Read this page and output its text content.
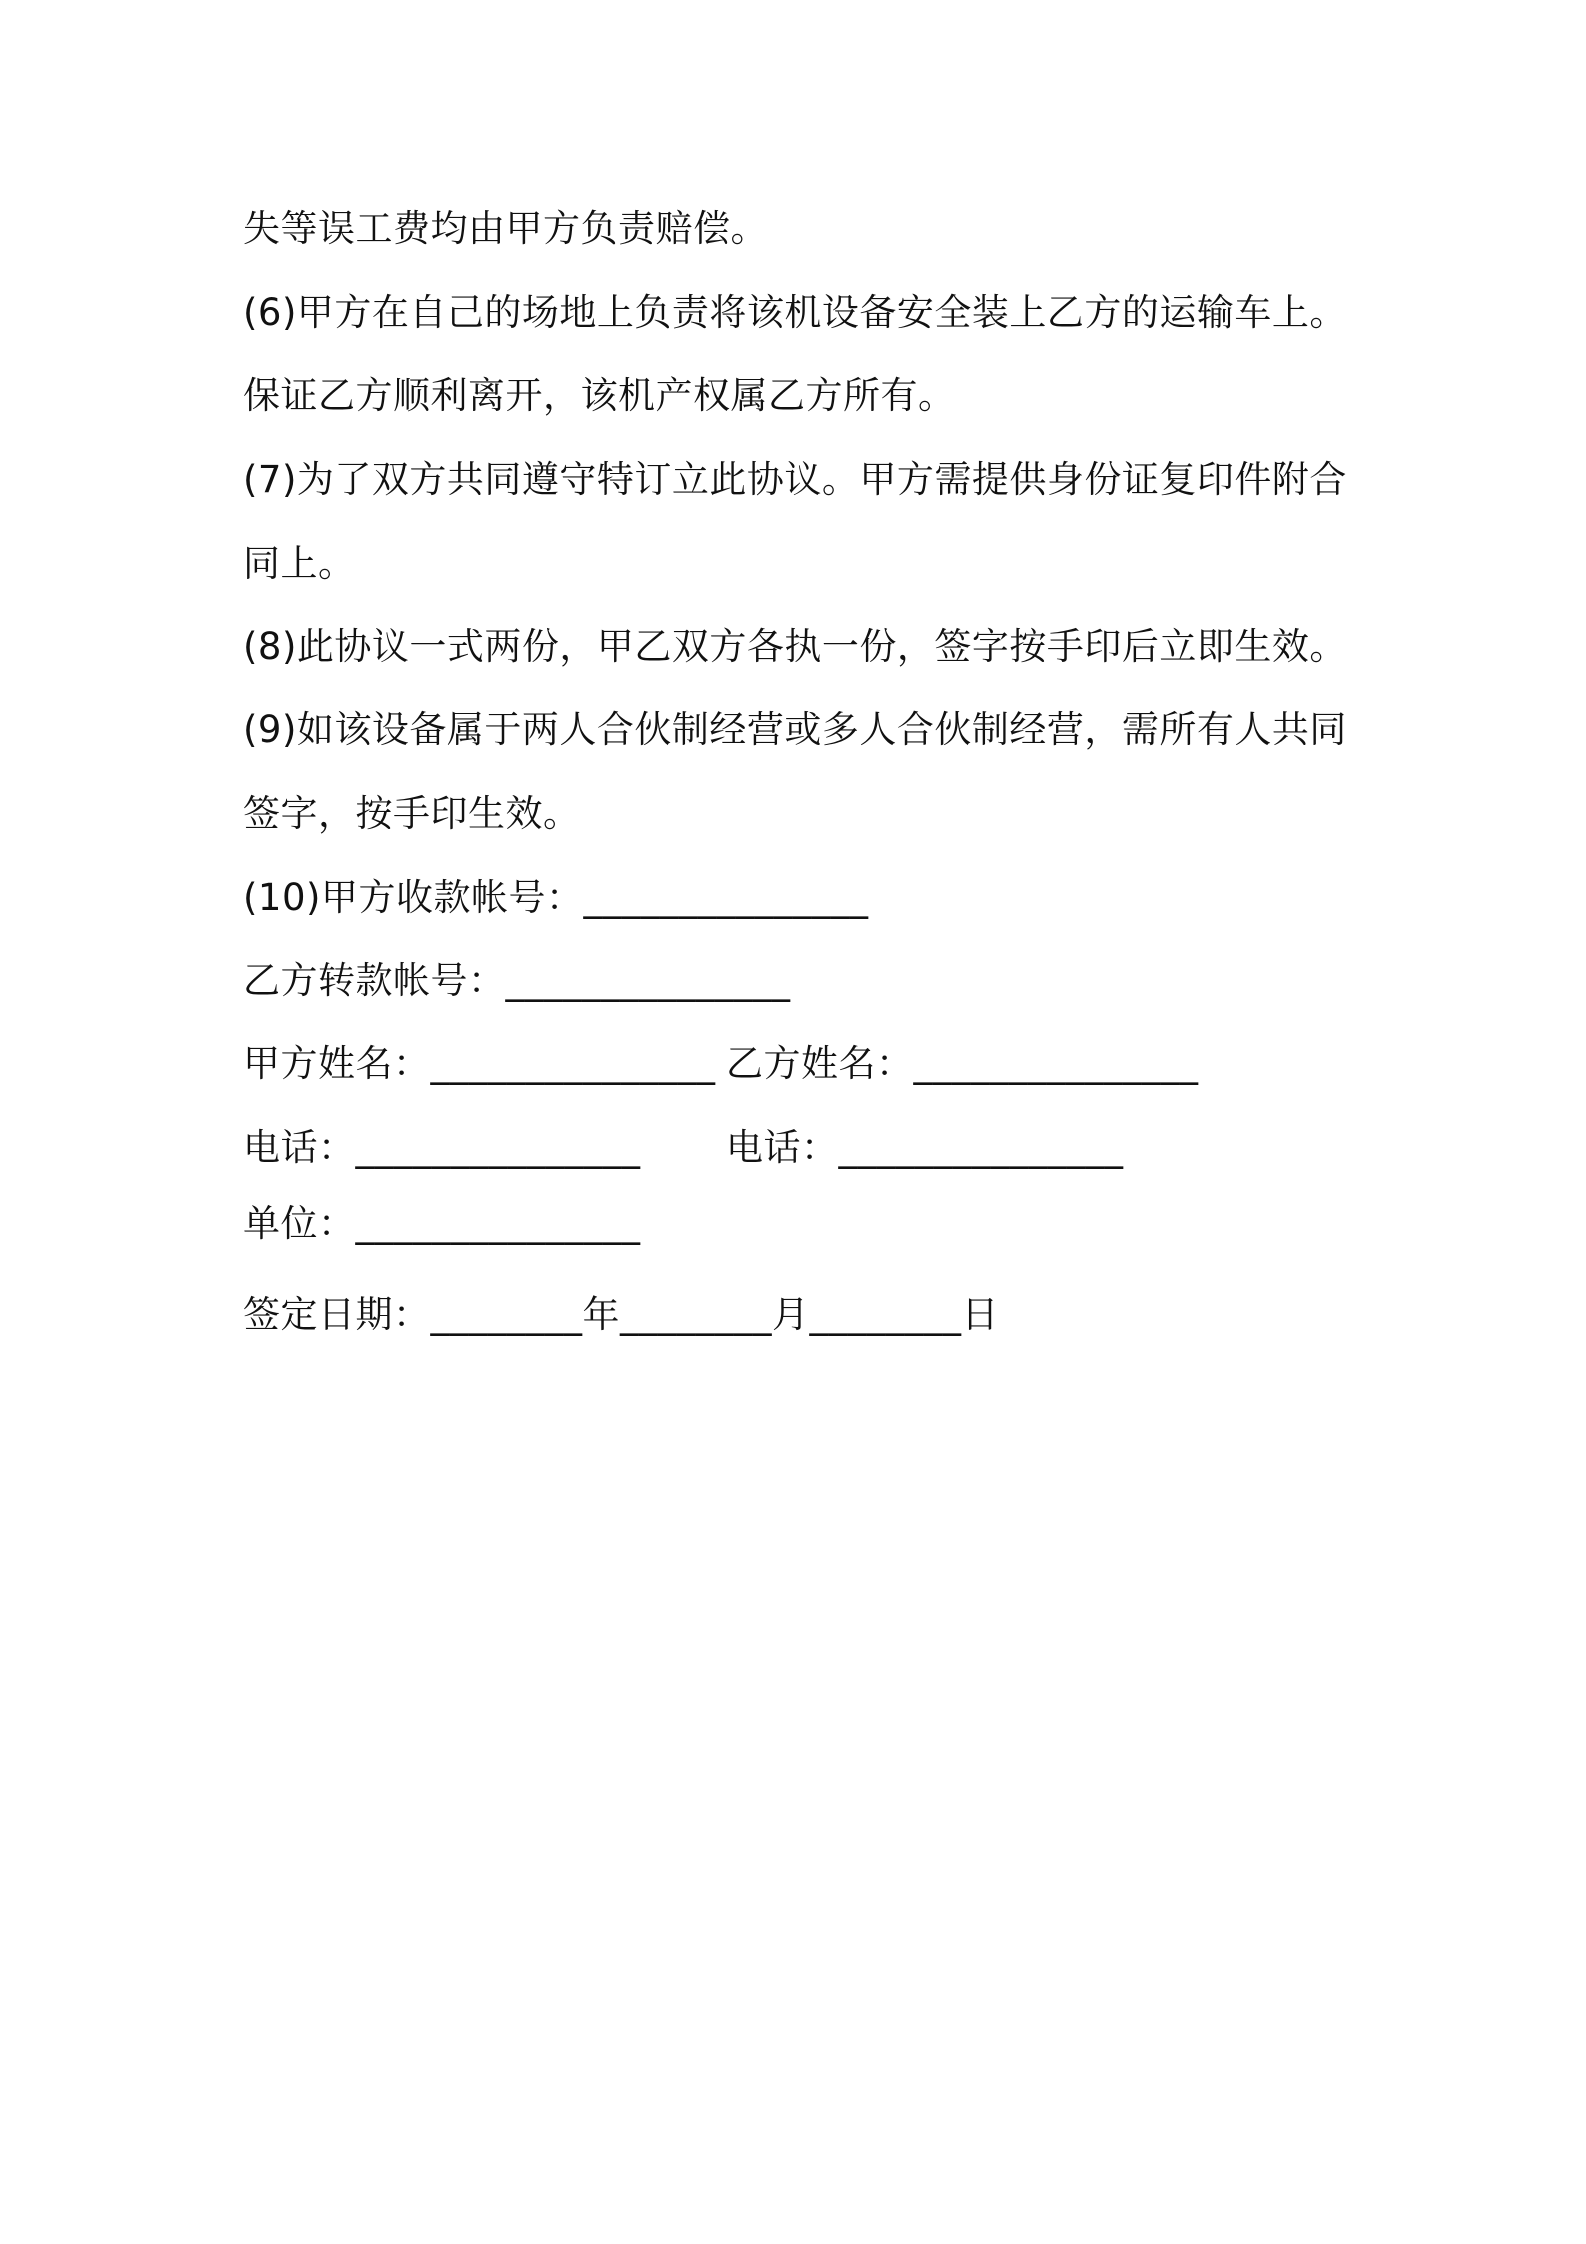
失等误工费均由甲方负责赔偿。
(6)甲方在自己的场地上负责将该机设备安全装上乙方的运输车上。
保证乙方顺利离开，该机产权属乙方所有。
(7)为了双方共同遵守特订立此协议。甲方需提供身份证复印件附合
同上。
(8)此协议一式两份，甲乙双方各执一份，签字按手印后立即生效。
(9)如该设备属于两人合伙制经营或多人合伙制经营，需所有人共同
签字，按手印生效。
(10)甲方收款帐号：_______________
乙方转款帐号：_______________
甲方姓名：_______________ 乙方姓名：_______________
电话：_______________ 电话：_______________
单位：_______________
签定日期：________年________月________日
